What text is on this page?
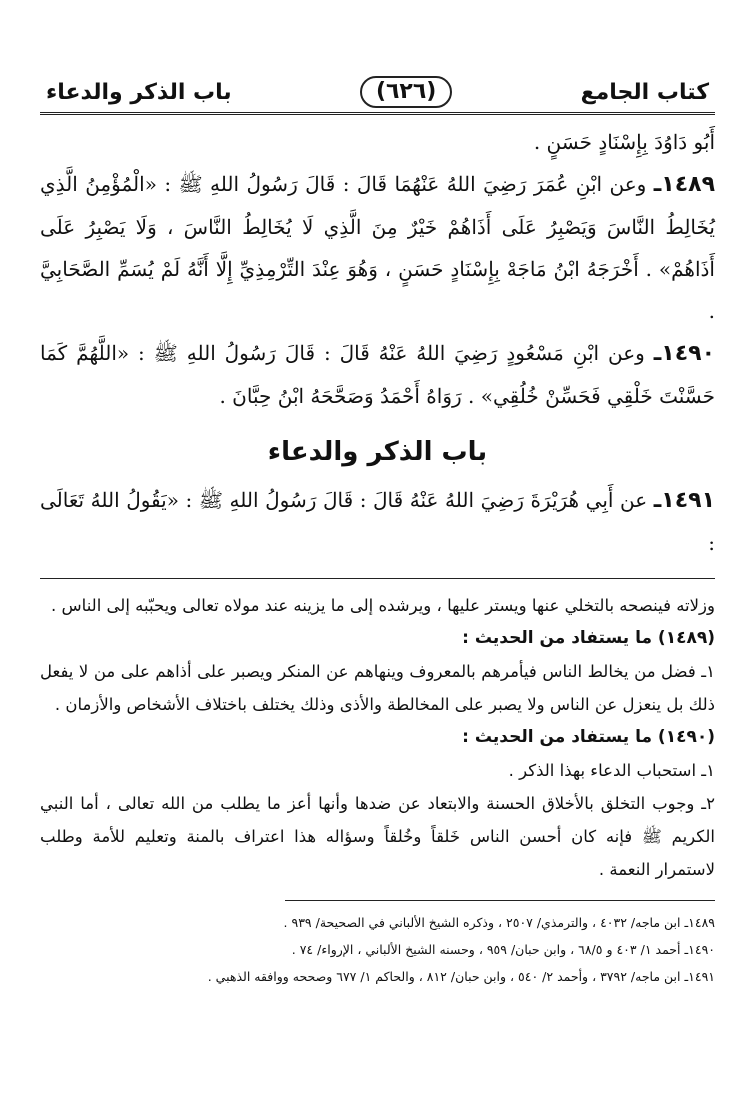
كتاب الجامع
(٦٢٦)
باب الذكر والدعاء

أَبُو دَاوُدَ بِإِسْنَادٍ حَسَنٍ .

١٤٨٩ـ وعن ابْنِ عُمَرَ رَضِيَ اللهُ عَنْهُمَا قَالَ : قَالَ رَسُولُ اللهِ ﷺ : «الْمُؤْمِنُ الَّذِي يُخَالِطُ النَّاسَ وَيَصْبِرُ عَلَى أَذَاهُمْ خَيْرٌ مِنَ الَّذِي لَا يُخَالِطُ النَّاسَ ، وَلَا يَصْبِرُ عَلَى أَذَاهُمْ» . أَخْرَجَهُ ابْنُ مَاجَهْ بِإِسْنَادٍ حَسَنٍ ، وَهُوَ عِنْدَ التِّرْمِذِيِّ إِلَّا أَنَّهُ لَمْ يُسَمِّ الصَّحَابِيَّ .

١٤٩٠ـ وعن ابْنِ مَسْعُودٍ رَضِيَ اللهُ عَنْهُ قَالَ : قَالَ رَسُولُ اللهِ ﷺ : «اللَّهُمَّ كَمَا حَسَّنْتَ خَلْقِي فَحَسِّنْ خُلُقِي» . رَوَاهُ أَحْمَدُ وَصَحَّحَهُ ابْنُ حِبَّانَ .

باب الذكر والدعاء

١٤٩١ـ عن أَبِي هُرَيْرَةَ رَضِيَ اللهُ عَنْهُ قَالَ : قَالَ رَسُولُ اللهِ ﷺ : «يَقُولُ اللهُ تَعَالَى :

وزلاته فينصحه بالتخلي عنها ويستر عليها ، ويرشده إلى ما يزينه عند مولاه تعالى ويحبّبه إلى الناس .

(١٤٨٩) ما يستفاد من الحديث :

١ـ فضل من يخالط الناس فيأمرهم بالمعروف وينهاهم عن المنكر ويصبر على أذاهم على من لا يفعل ذلك بل ينعزل عن الناس ولا يصبر على المخالطة والأذى وذلك يختلف باختلاف الأشخاص والأزمان .

(١٤٩٠) ما يستفاد من الحديث :

١ـ استحباب الدعاء بهذا الذكر .

٢ـ وجوب التخلق بالأخلاق الحسنة والابتعاد عن ضدها وأنها أعز ما يطلب من الله تعالى ، أما النبي الكريم ﷺ فإنه كان أحسن الناس خَلقاً وخُلقاً وسؤاله هذا اعتراف بالمنة وتعليم للأمة وطلب لاستمرار النعمة .

١٤٨٩ـ ابن ماجه/ ٤٠٣٢ ، والترمذي/ ٢٥٠٧ ، وذكره الشيخ الألباني في الصحيحة/ ٩٣٩ .

١٤٩٠ـ أحمد ١/ ٤٠٣ و ٦٨/٥ ، وابن حبان/ ٩٥٩ ، وحسنه الشيخ الألباني ، الإرواء/ ٧٤ .

١٤٩١ـ ابن ماجه/ ٣٧٩٢ ، وأحمد ٢/ ٥٤٠ ، وابن حبان/ ٨١٢ ، والحاكم ١/ ٦٧٧ وصححه ووافقه الذهبي .
